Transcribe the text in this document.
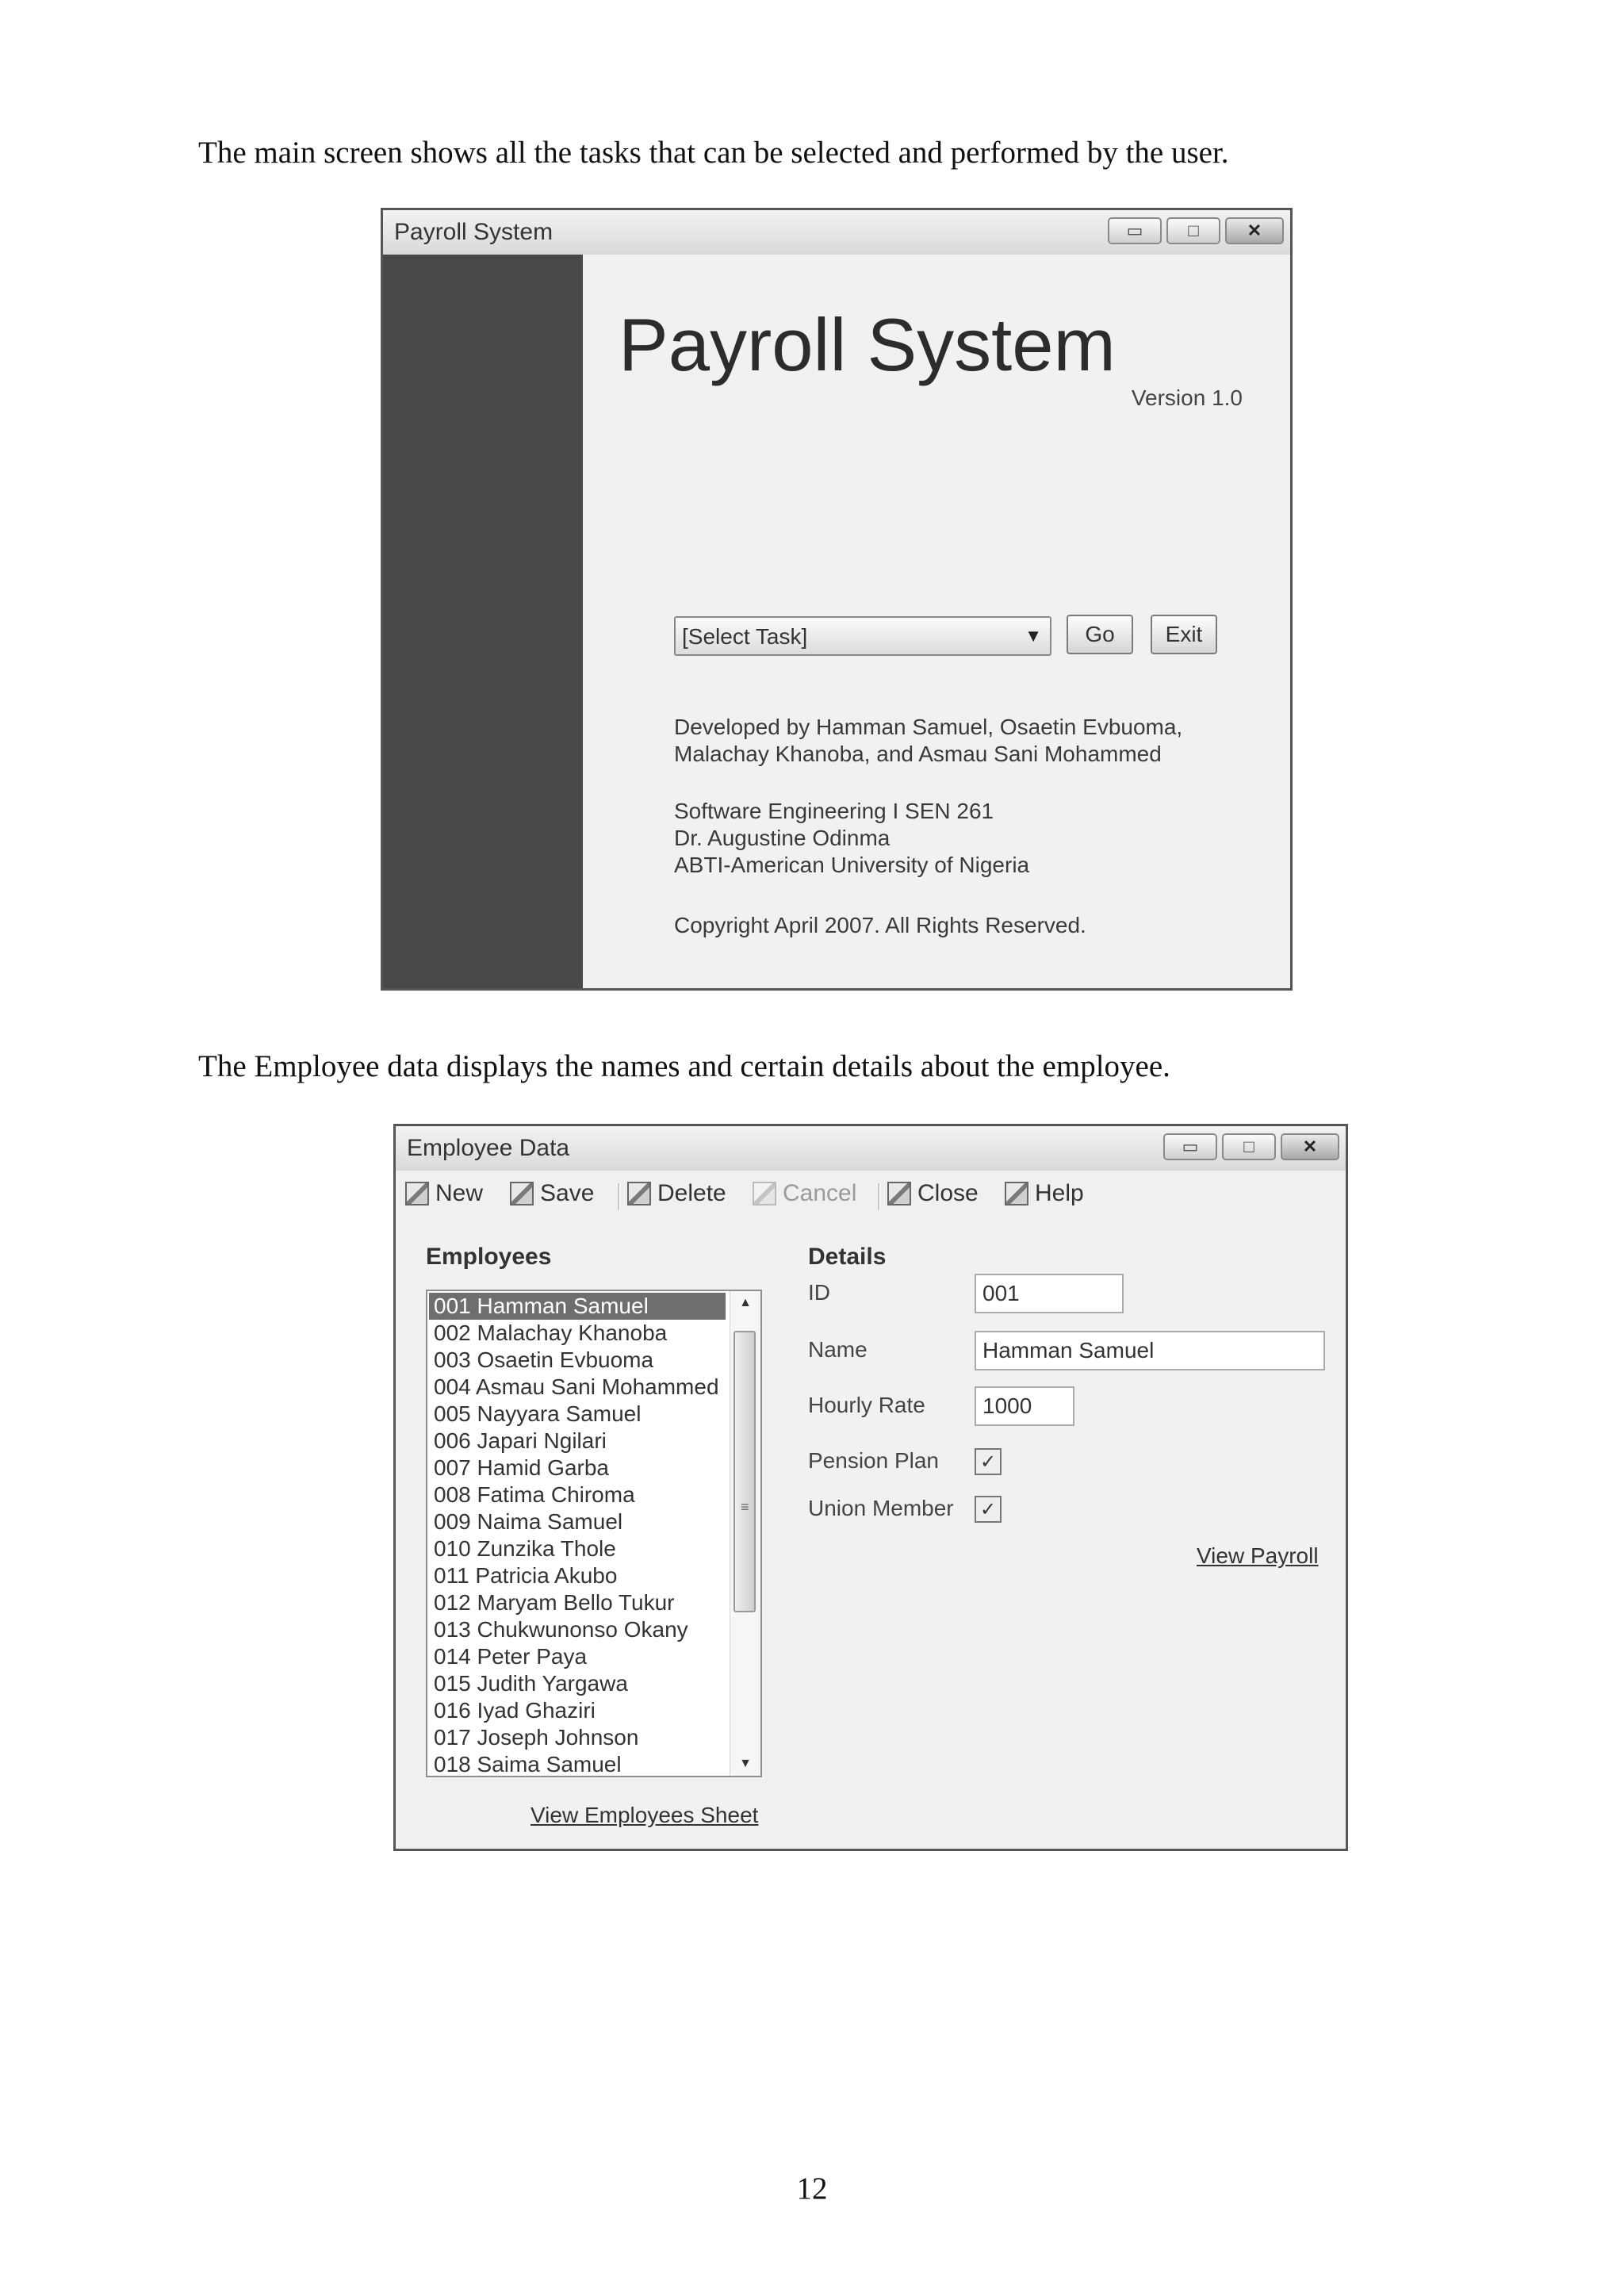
The main screen shows all the tasks that can be selected and performed by the user.
Payroll System	▭	□	✕
Payroll System
Version 1.0
[Select Task]	▼	Go	Exit
Developed by Hamman Samuel, Osaetin Evbuoma,
Malachay Khanoba, and Asmau Sani Mohammed
Software Engineering I SEN 261
Dr. Augustine Odinma
ABTI-American University of Nigeria
Copyright April 2007. All Rights Reserved.
The Employee data displays the names and certain details about the employee.
Employee Data	▭	□	✕
New Save	Delete Cancel	Close Help
Employees
001 Hamman Samuel
002 Malachay Khanoba
003 Osaetin Evbuoma
004 Asmau Sani Mohammed
005 Nayyara Samuel
006 Japari Ngilari
007 Hamid Garba
008 Fatima Chiroma
009 Naima Samuel
010 Zunzika Thole
011 Patricia Akubo
012 Maryam Bello Tukur
013 Chukwunonso Okany
014 Peter Paya
015 Judith Yargawa
016 Iyad Ghaziri
017 Joseph Johnson
018 Saima Samuel
▲
≡
▼
View Employees Sheet
Details
ID	001
Name	Hamman Samuel
Hourly Rate	1000
Pension Plan ✓
Union Member ✓
View Payroll
12
